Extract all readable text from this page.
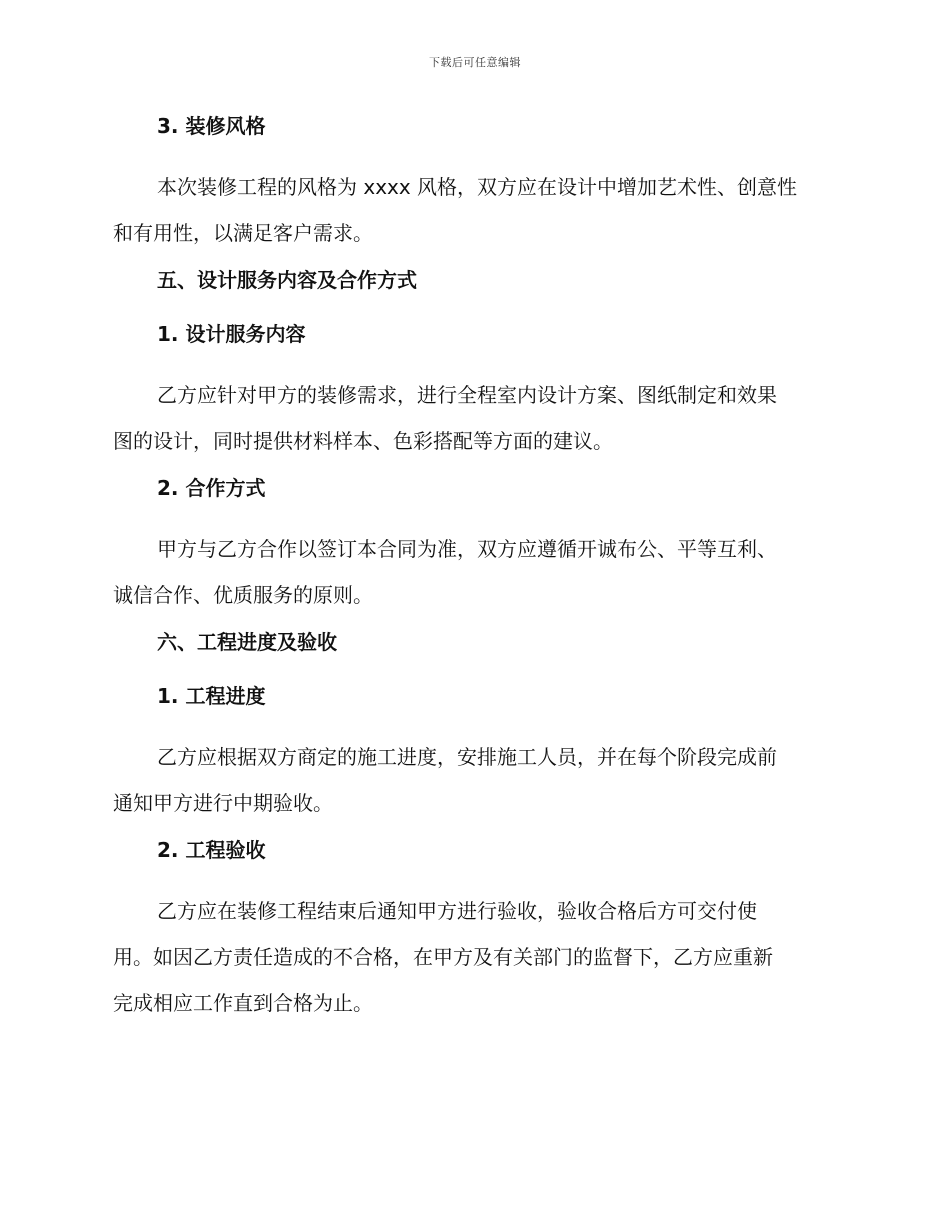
下载后可任意编辑
3. 装修风格
本次装修工程的风格为 xxxx 风格，双方应在设计中增加艺术性、创意性
和有用性，以满足客户需求。
五、设计服务内容及合作方式
1. 设计服务内容
乙方应针对甲方的装修需求，进行全程室内设计方案、图纸制定和效果
图的设计，同时提供材料样本、色彩搭配等方面的建议。
2. 合作方式
甲方与乙方合作以签订本合同为准，双方应遵循开诚布公、平等互利、
诚信合作、优质服务的原则。
六、工程进度及验收
1. 工程进度
乙方应根据双方商定的施工进度，安排施工人员，并在每个阶段完成前
通知甲方进行中期验收。
2. 工程验收
乙方应在装修工程结束后通知甲方进行验收，验收合格后方可交付使
用。如因乙方责任造成的不合格，在甲方及有关部门的监督下，乙方应重新
完成相应工作直到合格为止。
